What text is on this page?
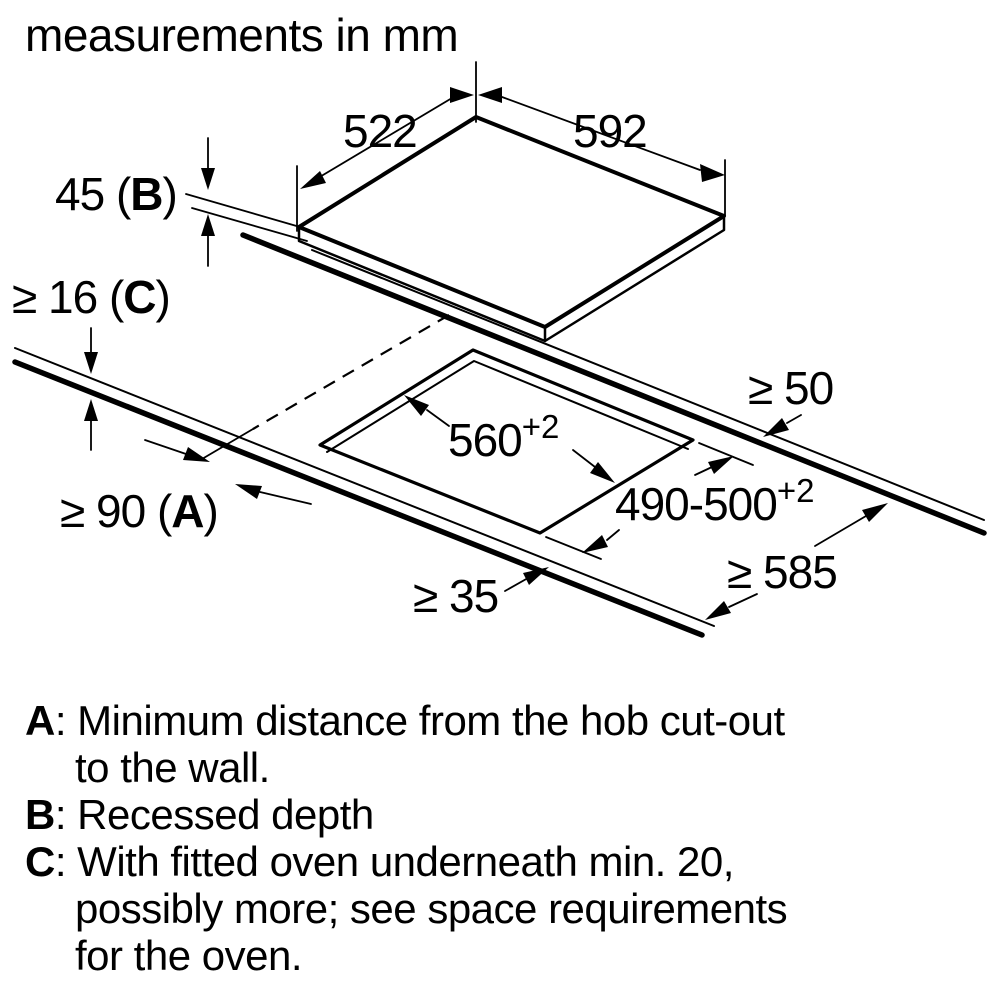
measurements in mm
522	592
45 (B)
≥ 16 (C)
≥ 90 (A)
$560^{+2}$
$490-500^{+2}$
≥ 35
≥ 50
≥ 585
A: Minimum distance from the hob cut-out
to the wall.
B: Recessed depth
C: With fitted oven underneath min. 20,
possibly more; see space requirements
for the oven.
